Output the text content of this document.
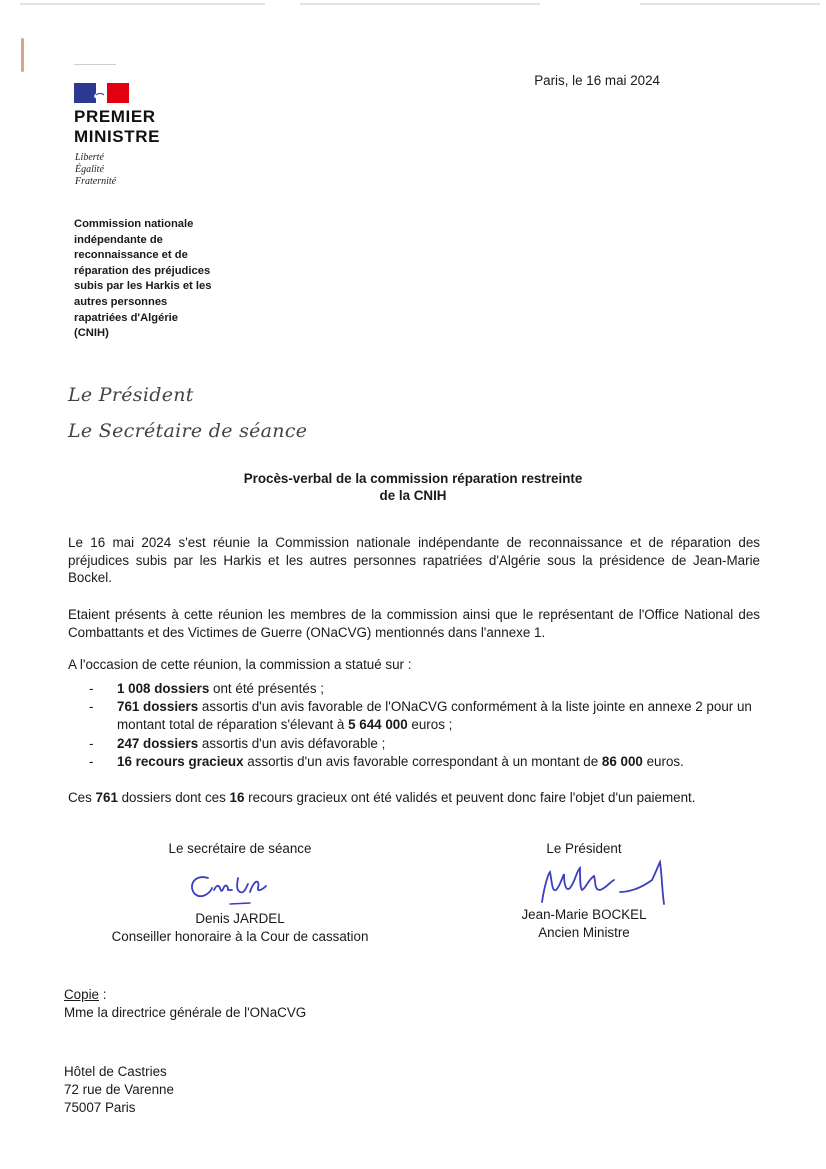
PREMIER
MINISTRE
Liberté
Égalité
Fraternité
Commission nationale
indépendante de
reconnaissance et de
réparation des préjudices
subis par les Harkis et les
autres personnes
rapatriées d'Algérie
(CNIH)
Paris, le 16 mai 2024
Le Président
Le Secrétaire de séance
Procès-verbal de la commission réparation restreinte
de la CNIH
Le 16 mai 2024 s'est réunie la Commission nationale indépendante de reconnaissance et de réparation des préjudices subis par les Harkis et les autres personnes rapatriées d'Algérie sous la présidence de Jean-Marie Bockel.
Etaient présents à cette réunion les membres de la commission ainsi que le représentant de l'Office National des Combattants et des Victimes de Guerre (ONaCVG) mentionnés dans l'annexe 1.
A l'occasion de cette réunion, la commission a statué sur :
- 1 008 dossiers ont été présentés ;
- 761 dossiers assortis d'un avis favorable de l'ONaCVG conformément à la liste jointe en annexe 2 pour un montant total de réparation s'élevant à 5 644 000 euros ;
- 247 dossiers assortis d'un avis défavorable ;
- 16 recours gracieux assortis d'un avis favorable correspondant à un montant de 86 000 euros.
Ces 761 dossiers dont ces 16 recours gracieux ont été validés et peuvent donc faire l'objet d'un paiement.
Le secrétaire de séance
Denis JARDEL
Conseiller honoraire à la Cour de cassation
Le Président
Jean-Marie BOCKEL
Ancien Ministre
Copie :
Mme la directrice générale de l'ONaCVG
Hôtel de Castries
72 rue de Varenne
75007 Paris
